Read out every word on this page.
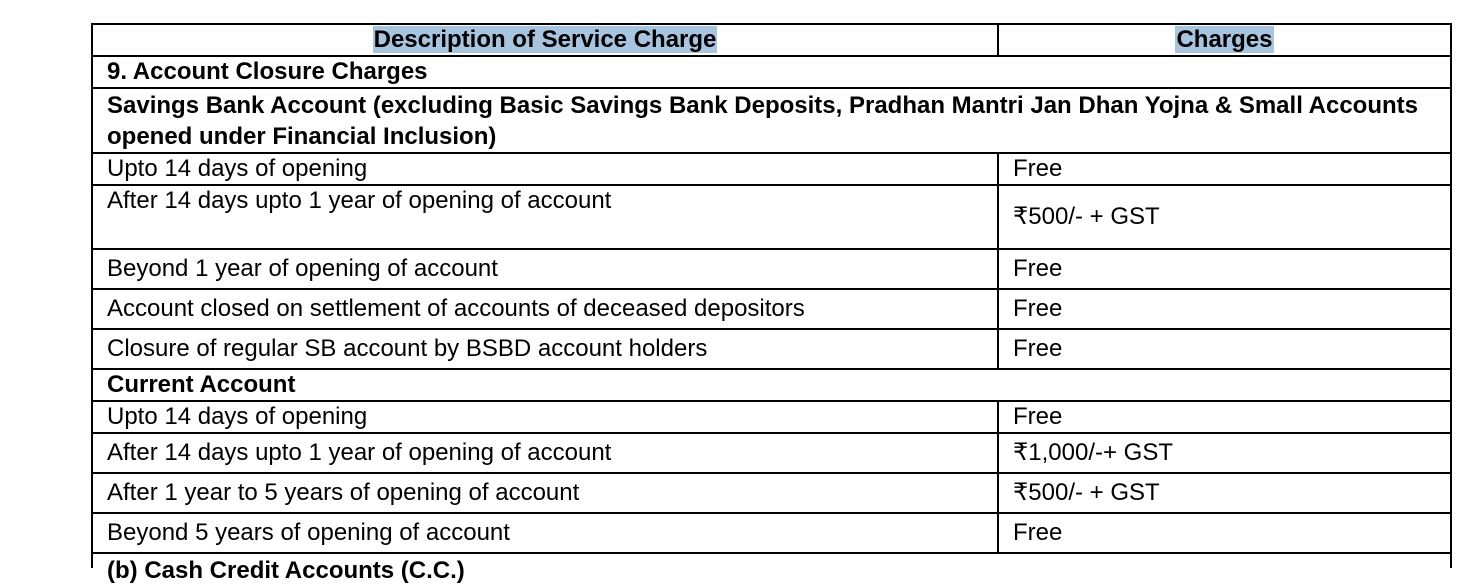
Description of Service Charge	Charges
9. Account Closure Charges	
Savings Bank Account (excluding Basic Savings Bank Deposits, Pradhan Mantri Jan Dhan Yojna & Small Accounts opened under Financial Inclusion)	
Upto 14 days of opening	Free
After 14 days upto 1 year of opening of account	₹500/- + GST
Beyond 1 year of opening of account	Free
Account closed on settlement of accounts of deceased depositors	Free
Closure of regular SB account by BSBD account holders	Free
Current Account	
Upto 14 days of opening	Free
After 14 days upto 1 year of opening of account	₹1,000/-+ GST
After 1 year to 5 years of opening of account	₹500/- + GST
Beyond 5 years of opening of account	Free

(b) Cash Credit Accounts (C.C.)	
